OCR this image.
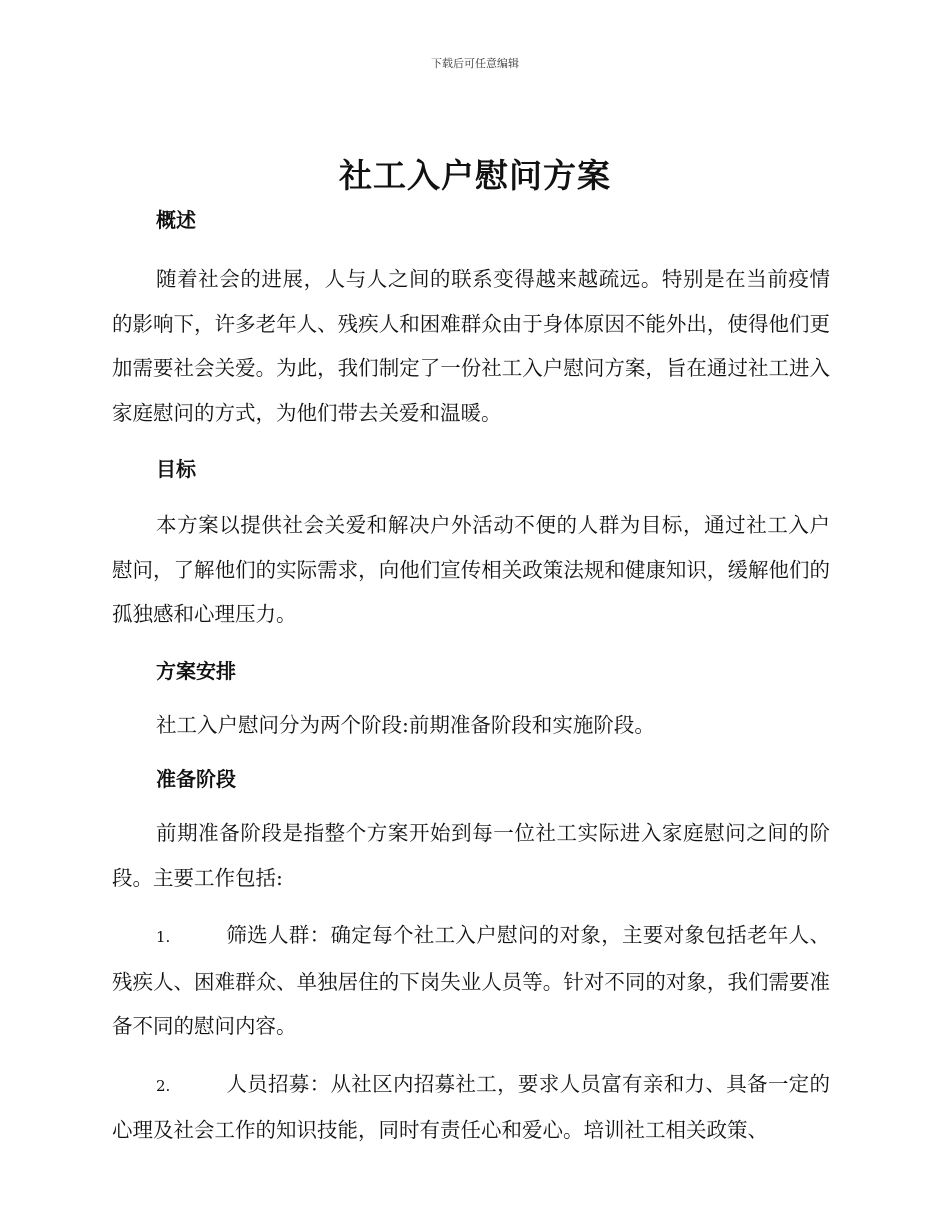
下载后可任意编辑
社工入户慰问方案
概述

随着社会的进展，人与人之间的联系变得越来越疏远。特别是在当前疫情的影响下，许多老年人、残疾人和困难群众由于身体原因不能外出，使得他们更加需要社会关爱。为此，我们制定了一份社工入户慰问方案，旨在通过社工进入家庭慰问的方式，为他们带去关爱和温暖。

目标

本方案以提供社会关爱和解决户外活动不便的人群为目标，通过社工入户慰问，了解他们的实际需求，向他们宣传相关政策法规和健康知识，缓解他们的孤独感和心理压力。

方案安排

社工入户慰问分为两个阶段:前期准备阶段和实施阶段。

准备阶段

前期准备阶段是指整个方案开始到每一位社工实际进入家庭慰问之间的阶段。主要工作包括:

1.	筛选人群：确定每个社工入户慰问的对象，主要对象包括老年人、残疾人、困难群众、单独居住的下岗失业人员等。针对不同的对象，我们需要准备不同的慰问内容。

2.	人员招募：从社区内招募社工，要求人员富有亲和力、具备一定的心理及社会工作的知识技能，同时有责任心和爱心。培训社工相关政策、
